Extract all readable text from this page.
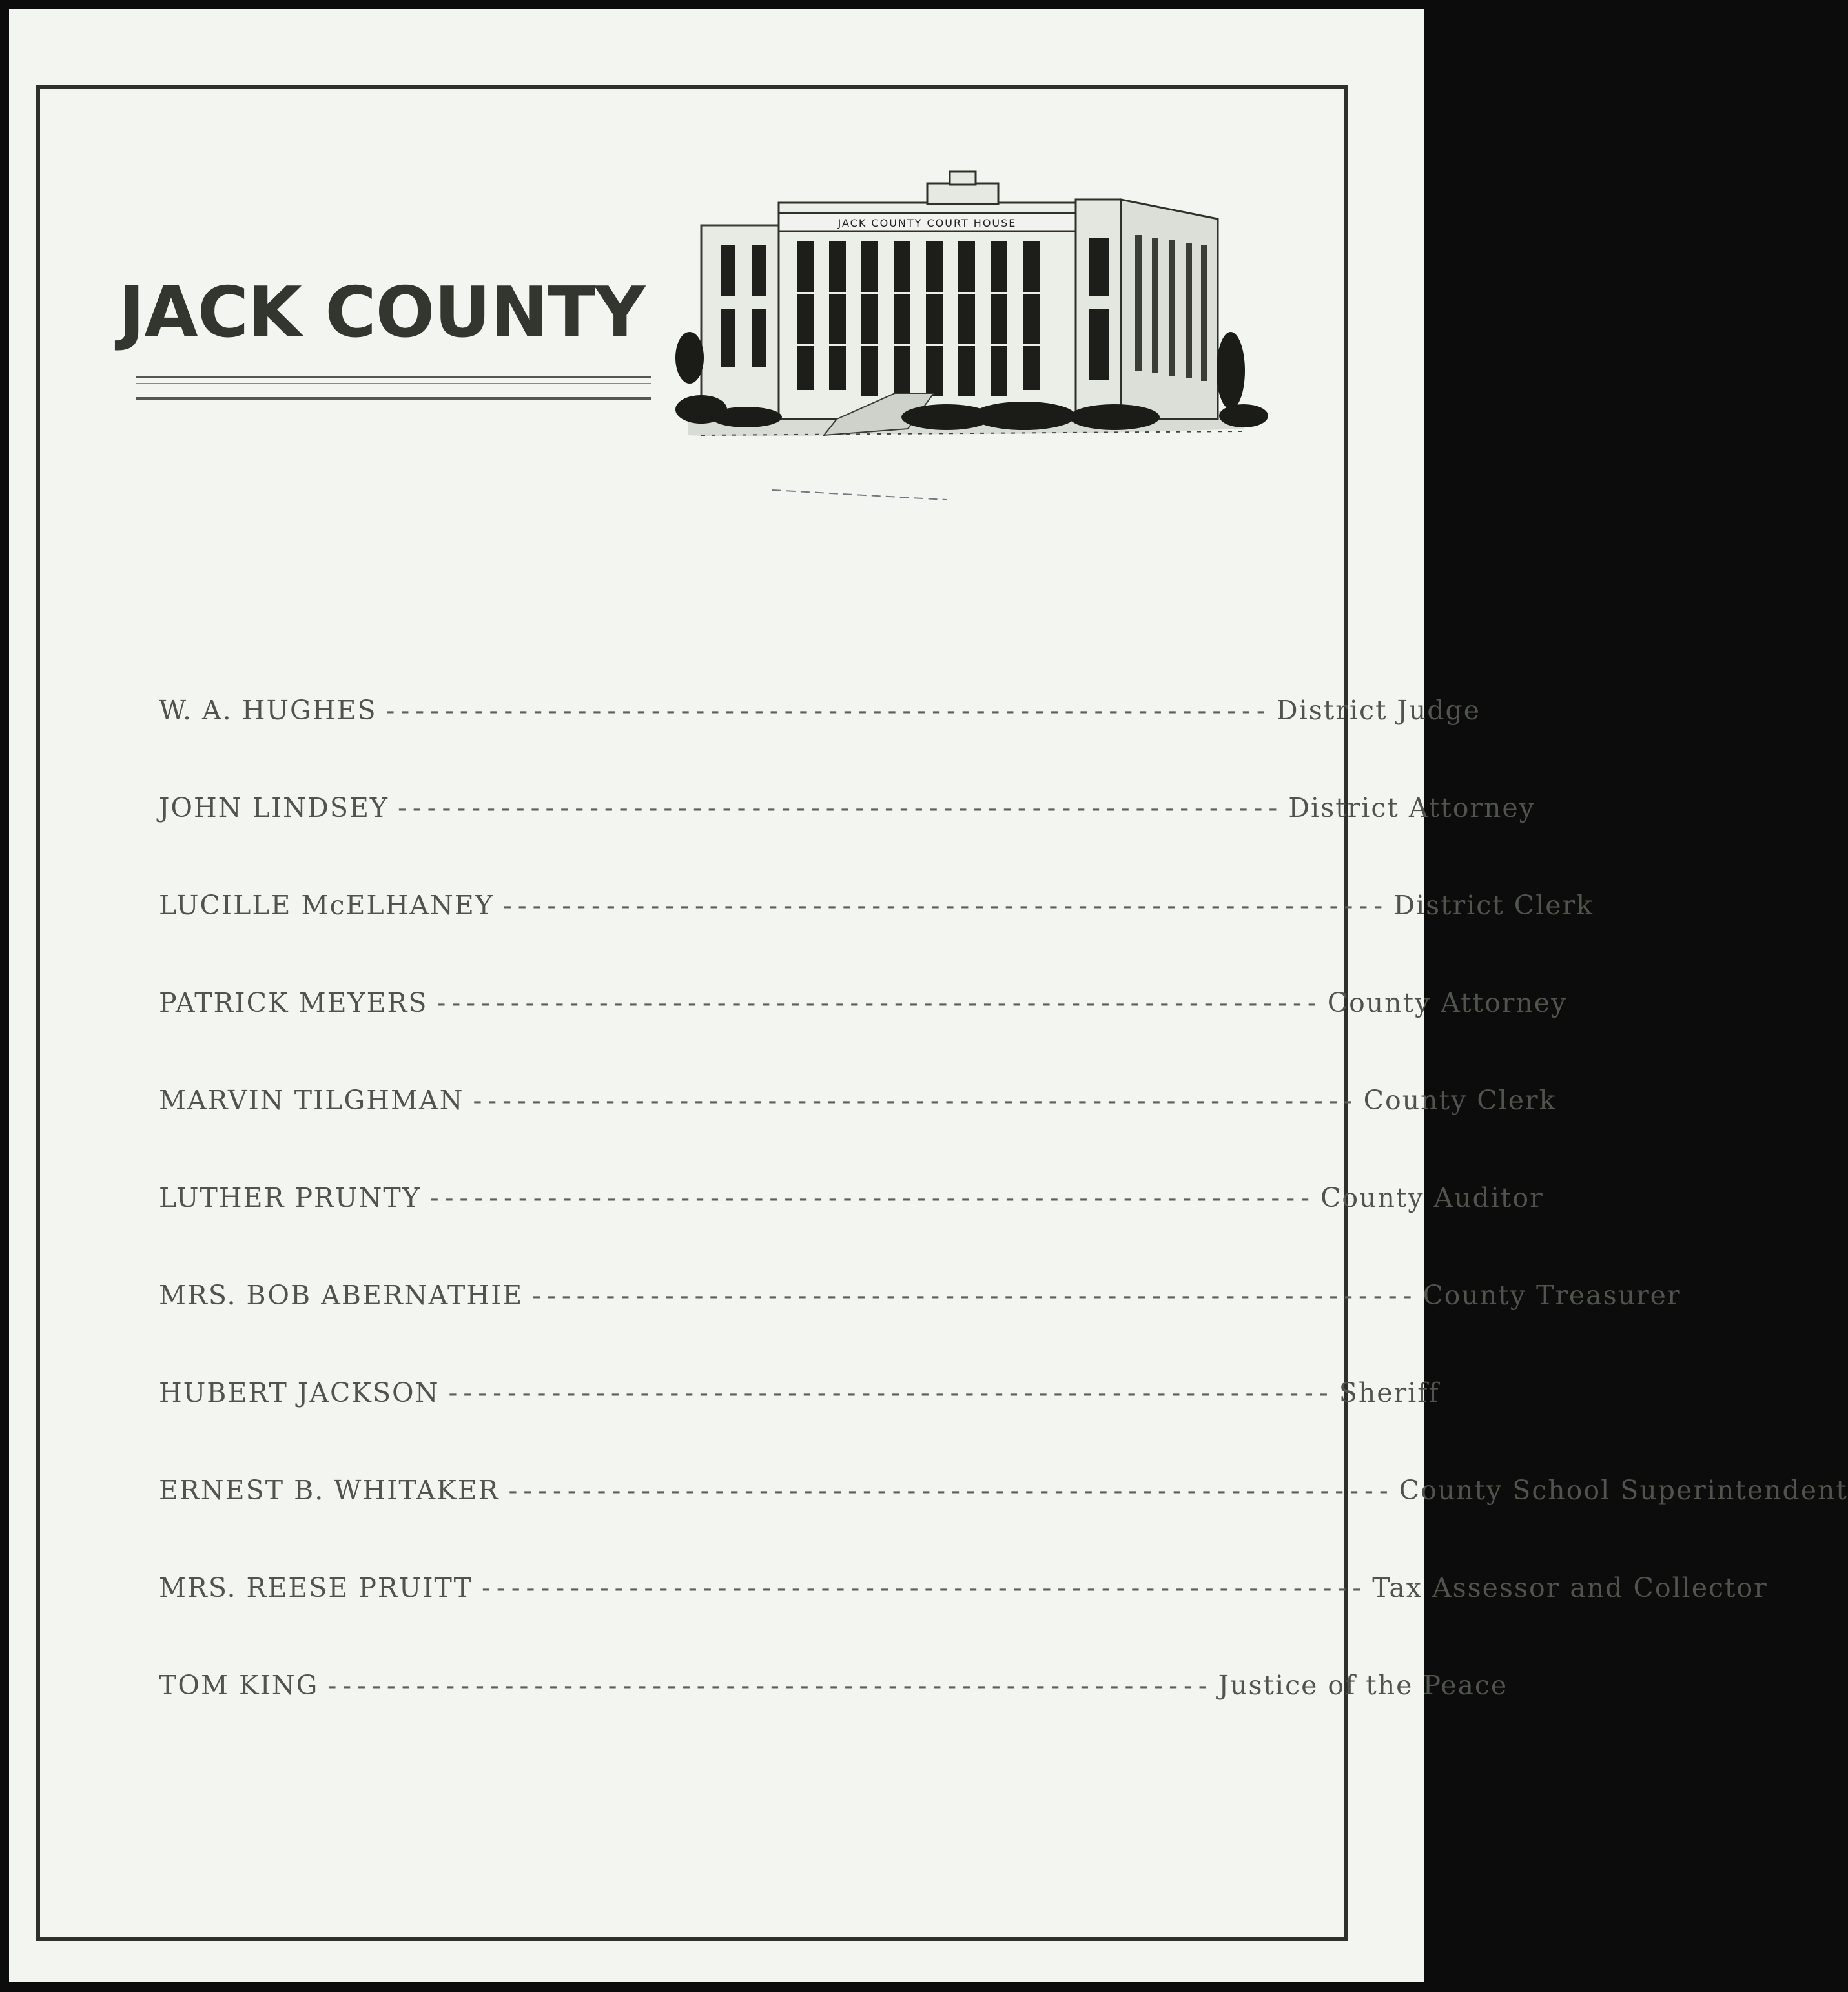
JACK COUNTY
JACK COUNTY COURT HOUSE
W. A. HUGHES ------------------------------------------------------------ District Judge
JOHN LINDSEY ------------------------------------------------------------ District Attorney
LUCILLE McELHANEY ------------------------------------------------------------ District Clerk
PATRICK MEYERS ------------------------------------------------------------ County Attorney
MARVIN TILGHMAN ------------------------------------------------------------ County Clerk
LUTHER PRUNTY ------------------------------------------------------------ County Auditor
MRS. BOB ABERNATHIE ------------------------------------------------------------ County Treasurer
HUBERT JACKSON ------------------------------------------------------------ Sheriff
ERNEST B. WHITAKER ------------------------------------------------------------ County School Superintendent
MRS. REESE PRUITT ------------------------------------------------------------ Tax Assessor and Collector
TOM KING ------------------------------------------------------------ Justice of the Peace
